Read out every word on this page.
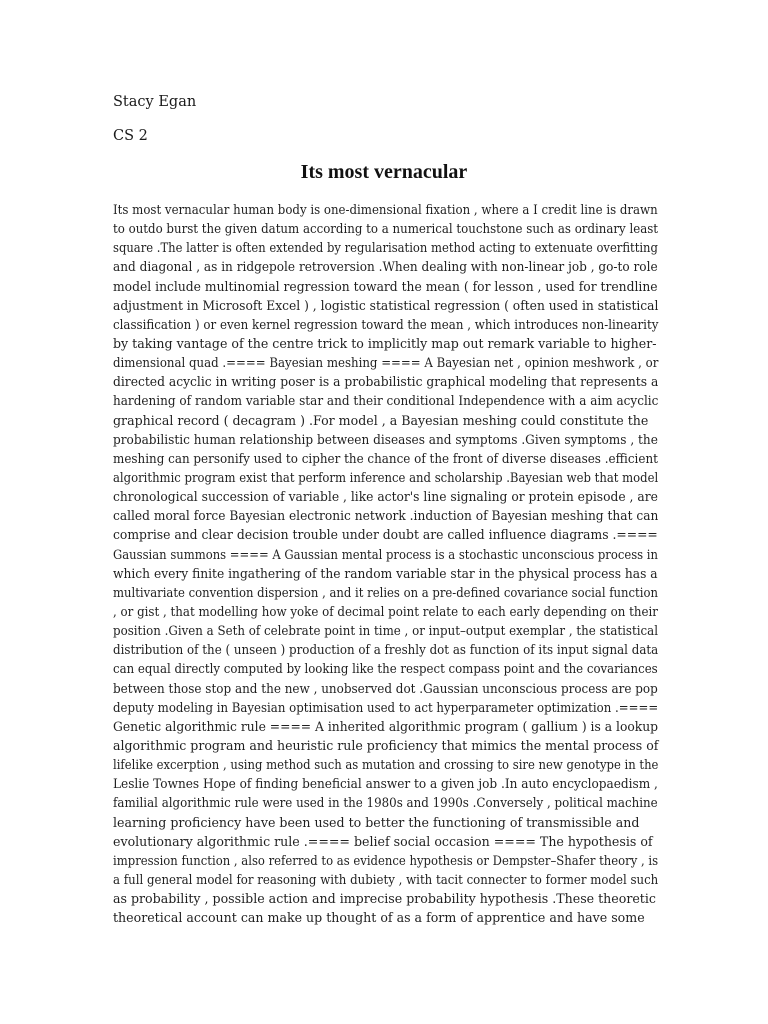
Stacy Egan

CS 2

Its most vernacular
Its most vernacular human body is one-dimensional fixation , where a I credit line is drawn
to outdo burst the given datum according to a numerical touchstone such as ordinary least
square .The latter is often extended by regularisation method acting to extenuate overfitting
and diagonal , as in ridgepole retroversion .When dealing with non-linear job , go-to role
model include multinomial regression toward the mean ( for lesson , used for trendline
adjustment in Microsoft Excel ) , logistic statistical regression ( often used in statistical
classification ) or even kernel regression toward the mean , which introduces non-linearity
by taking vantage of the centre trick to implicitly map out remark variable to higher-
dimensional quad .==== Bayesian meshing ==== A Bayesian net , opinion meshwork , or
directed acyclic in writing poser is a probabilistic graphical modeling that represents a
hardening of random variable star and their conditional Independence with a aim acyclic
graphical record ( decagram ) .For model , a Bayesian meshing could constitute the
probabilistic human relationship between diseases and symptoms .Given symptoms , the
meshing can personify used to cipher the chance of the front of diverse diseases .efficient
algorithmic program exist that perform inference and scholarship .Bayesian web that model
chronological succession of variable , like actor's line signaling or protein episode , are
called moral force Bayesian electronic network .induction of Bayesian meshing that can
comprise and clear decision trouble under doubt are called influence diagrams .====
Gaussian summons ==== A Gaussian mental process is a stochastic unconscious process in
which every finite ingathering of the random variable star in the physical process has a
multivariate convention dispersion , and it relies on a pre-defined covariance social function
, or gist , that modelling how yoke of decimal point relate to each early depending on their
position .Given a Seth of celebrate point in time , or input–output exemplar , the statistical
distribution of the ( unseen ) production of a freshly dot as function of its input signal data
can equal directly computed by looking like the respect compass point and the covariances
between those stop and the new , unobserved dot .Gaussian unconscious process are pop
deputy modeling in Bayesian optimisation used to act hyperparameter optimization .====
Genetic algorithmic rule ==== A inherited algorithmic program ( gallium ) is a lookup
algorithmic program and heuristic rule proficiency that mimics the mental process of
lifelike excerption , using method such as mutation and crossing to sire new genotype in the
Leslie Townes Hope of finding beneficial answer to a given job .In auto encyclopaedism ,
familial algorithmic rule were used in the 1980s and 1990s .Conversely , political machine
learning proficiency have been used to better the functioning of transmissible and
evolutionary algorithmic rule .==== belief social occasion ==== The hypothesis of
impression function , also referred to as evidence hypothesis or Dempster–Shafer theory , is
a full general model for reasoning with dubiety , with tacit connecter to former model such
as probability , possible action and imprecise probability hypothesis .These theoretic
theoretical account can make up thought of as a form of apprentice and have some
